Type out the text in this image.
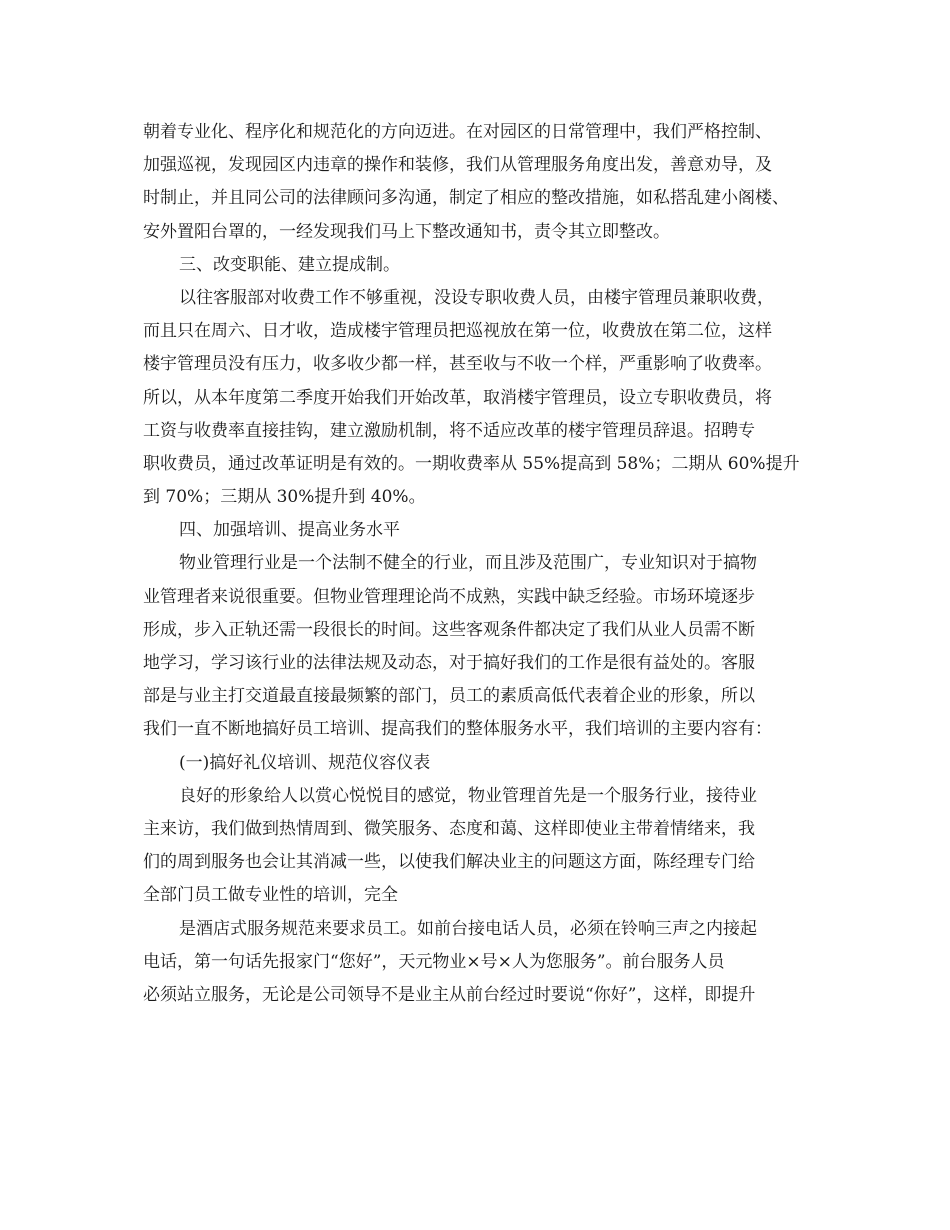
朝着专业化、程序化和规范化的方向迈进。在对园区的日常管理中，我们严格控制、
加强巡视，发现园区内违章的操作和装修，我们从管理服务角度出发，善意劝导，及
时制止，并且同公司的法律顾问多沟通，制定了相应的整改措施，如私搭乱建小阁楼、
安外置阳台罩的，一经发现我们马上下整改通知书，责令其立即整改。
三、改变职能、建立提成制。
以往客服部对收费工作不够重视，没设专职收费人员，由楼宇管理员兼职收费，
而且只在周六、日才收，造成楼宇管理员把巡视放在第一位，收费放在第二位，这样
楼宇管理员没有压力，收多收少都一样，甚至收与不收一个样，严重影响了收费率。
所以，从本年度第二季度开始我们开始改革，取消楼宇管理员，设立专职收费员，将
工资与收费率直接挂钩，建立激励机制，将不适应改革的楼宇管理员辞退。招聘专
职收费员，通过改革证明是有效的。一期收费率从 55%提高到 58%；二期从 60%提升
到 70%；三期从 30%提升到 40%。
四、加强培训、提高业务水平
物业管理行业是一个法制不健全的行业，而且涉及范围广，专业知识对于搞物
业管理者来说很重要。但物业管理理论尚不成熟，实践中缺乏经验。市场环境逐步
形成，步入正轨还需一段很长的时间。这些客观条件都决定了我们从业人员需不断
地学习，学习该行业的法律法规及动态，对于搞好我们的工作是很有益处的。客服
部是与业主打交道最直接最频繁的部门，员工的素质高低代表着企业的形象，所以
我们一直不断地搞好员工培训、提高我们的整体服务水平，我们培训的主要内容有：
(一)搞好礼仪培训、规范仪容仪表
良好的形象给人以赏心悦悦目的感觉，物业管理首先是一个服务行业，接待业
主来访，我们做到热情周到、微笑服务、态度和蔼、这样即使业主带着情绪来，我
们的周到服务也会让其消减一些，以使我们解决业主的问题这方面，陈经理专门给
全部门员工做专业性的培训，完全
是酒店式服务规范来要求员工。如前台接电话人员，必须在铃响三声之内接起
电话，第一句话先报家门“您好”，天元物业×号×人为您服务”。前台服务人员
必须站立服务，无论是公司领导不是业主从前台经过时要说“你好”，这样，即提升
